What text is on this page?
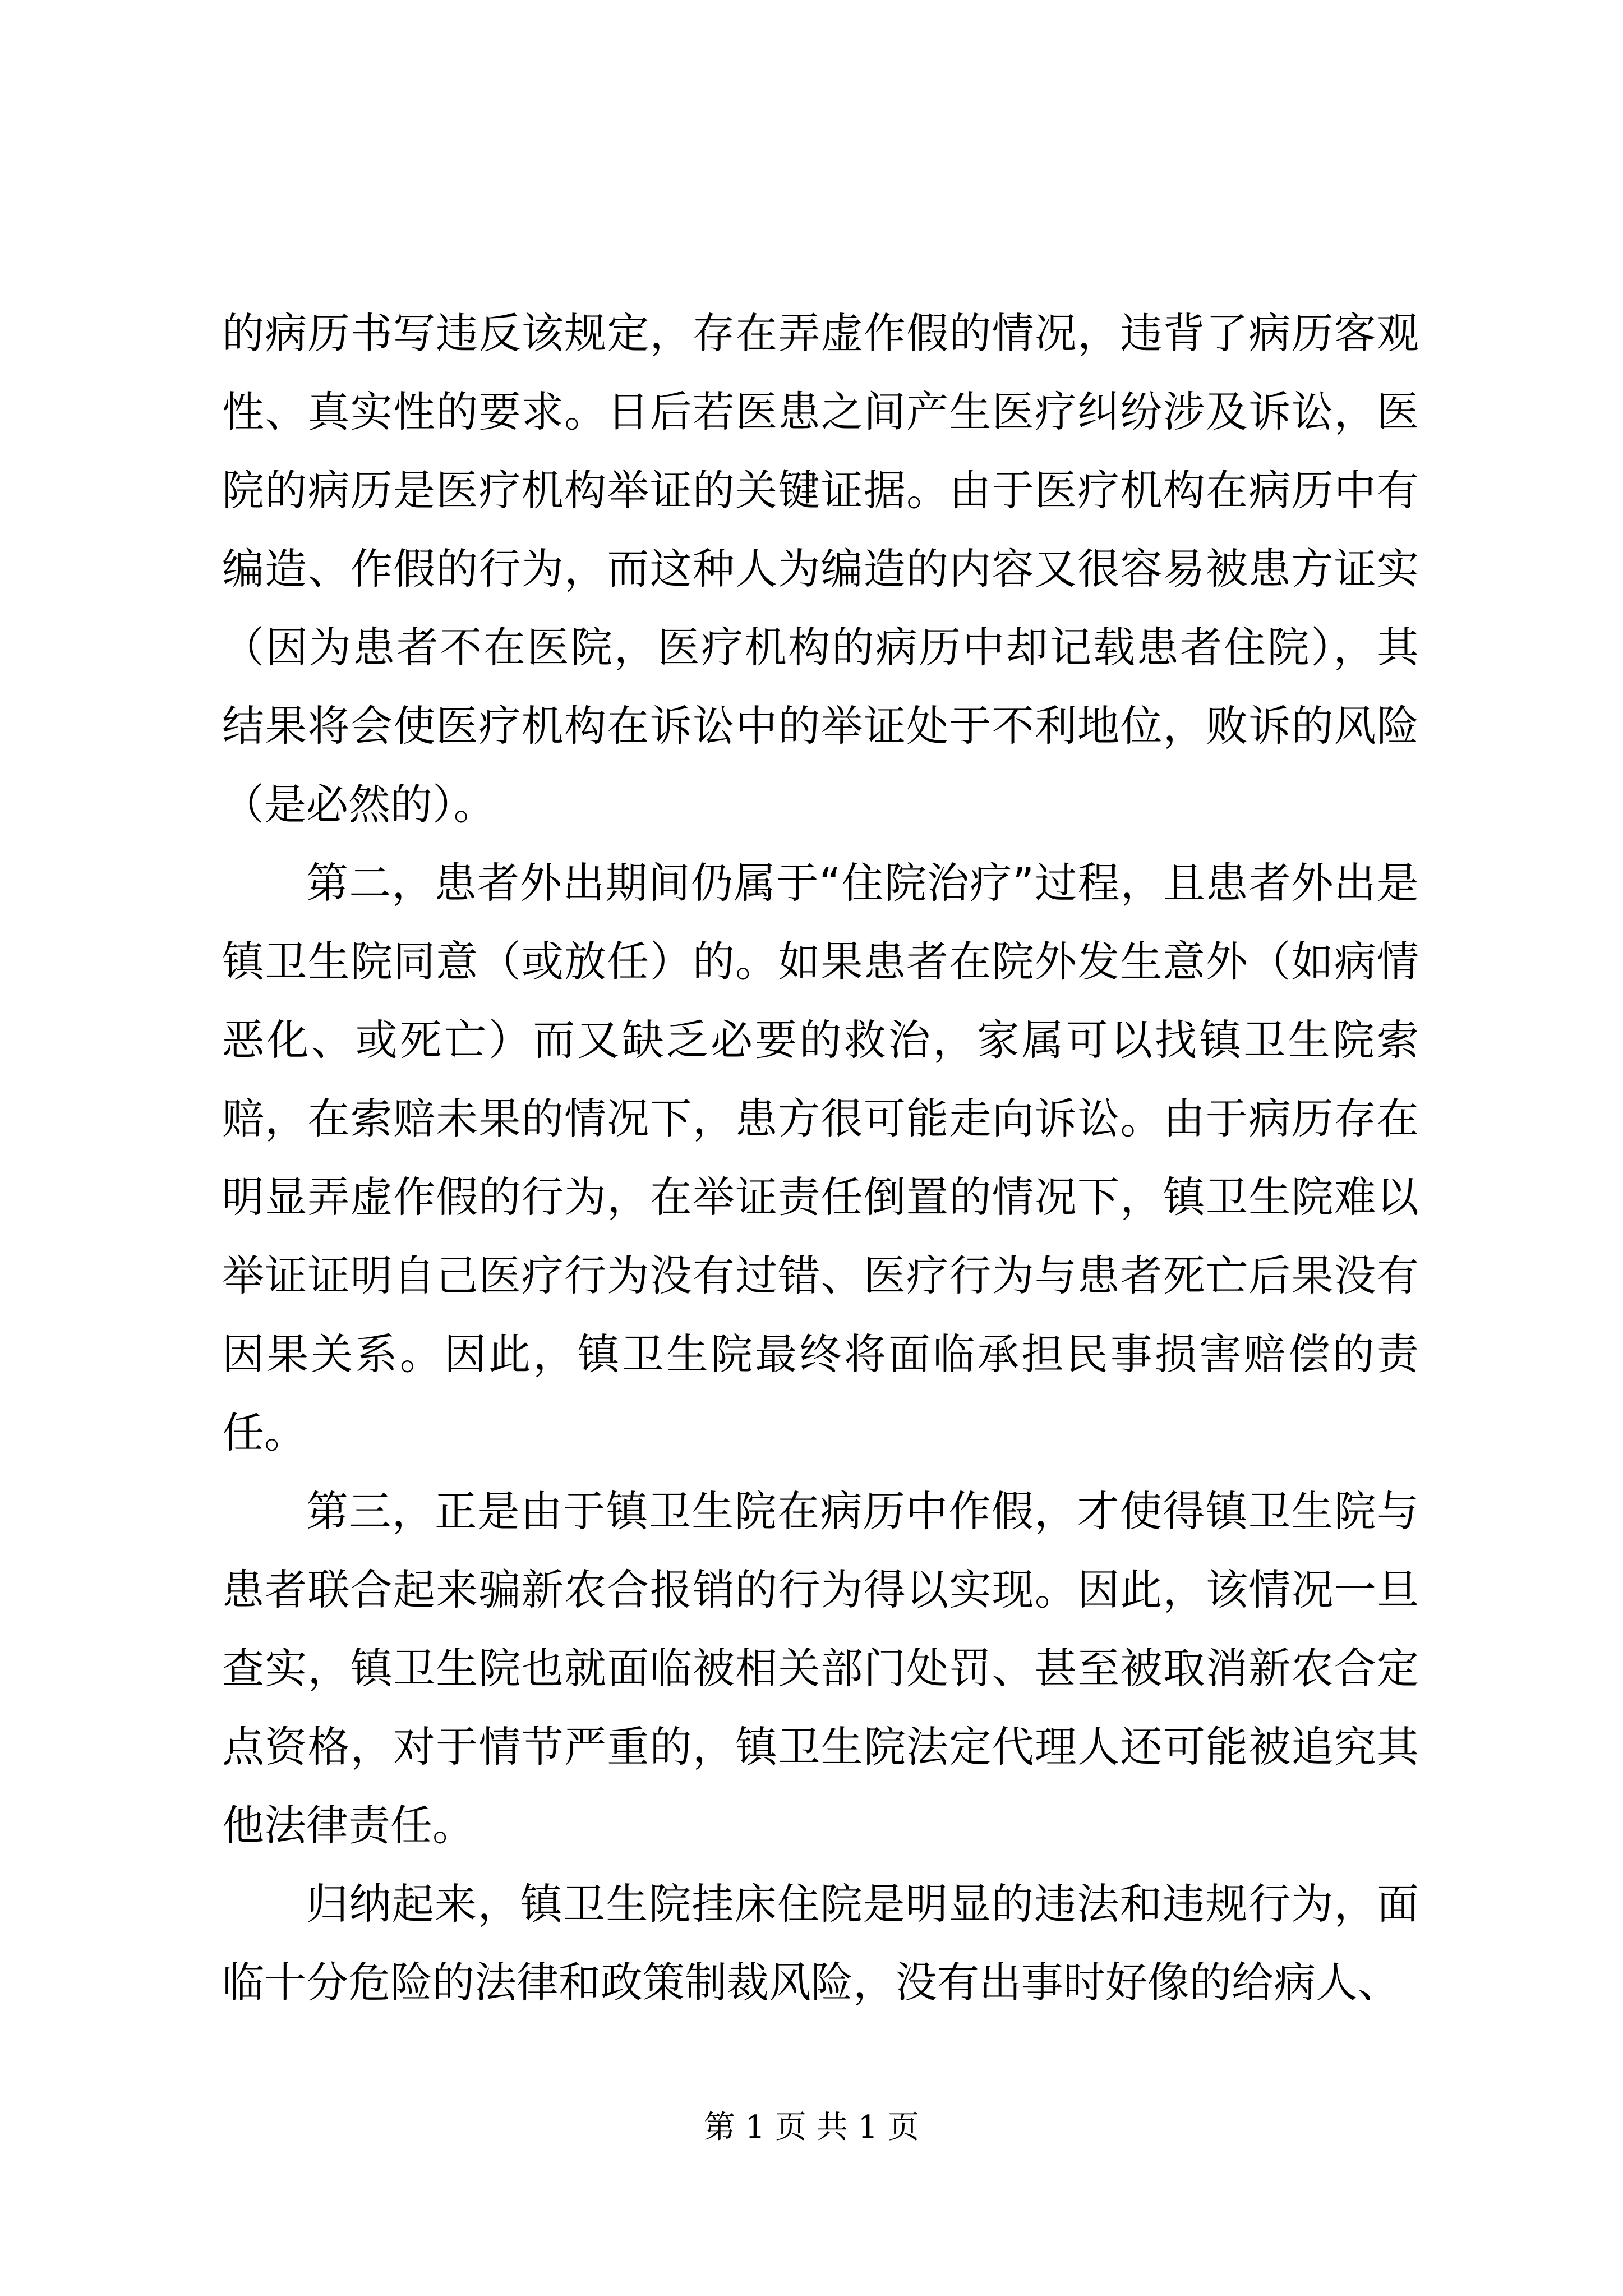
的病历书写违反该规定，存在弄虚作假的情况，违背了病历客观性、真实性的要求。日后若医患之间产生医疗纠纷涉及诉讼，医院的病历是医疗机构举证的关键证据。由于医疗机构在病历中有编造、作假的行为，而这种人为编造的内容又很容易被患方证实（因为患者不在医院，医疗机构的病历中却记载患者住院），其结果将会使医疗机构在诉讼中的举证处于不利地位，败诉的风险（是必然的）。

第二，患者外出期间仍属于“住院治疗”过程，且患者外出是镇卫生院同意（或放任）的。如果患者在院外发生意外（如病情恶化、或死亡）而又缺乏必要的救治，家属可以找镇卫生院索赔，在索赔未果的情况下，患方很可能走向诉讼。由于病历存在明显弄虚作假的行为，在举证责任倒置的情况下，镇卫生院难以举证证明自己医疗行为没有过错、医疗行为与患者死亡后果没有因果关系。因此，镇卫生院最终将面临承担民事损害赔偿的责任。

第三，正是由于镇卫生院在病历中作假，才使得镇卫生院与患者联合起来骗新农合报销的行为得以实现。因此，该情况一旦查实，镇卫生院也就面临被相关部门处罚、甚至被取消新农合定点资格，对于情节严重的，镇卫生院法定代理人还可能被追究其他法律责任。

归纳起来，镇卫生院挂床住院是明显的违法和违规行为，面临十分危险的法律和政策制裁风险，没有出事时好像的给病人、

第 1 页 共 1 页
